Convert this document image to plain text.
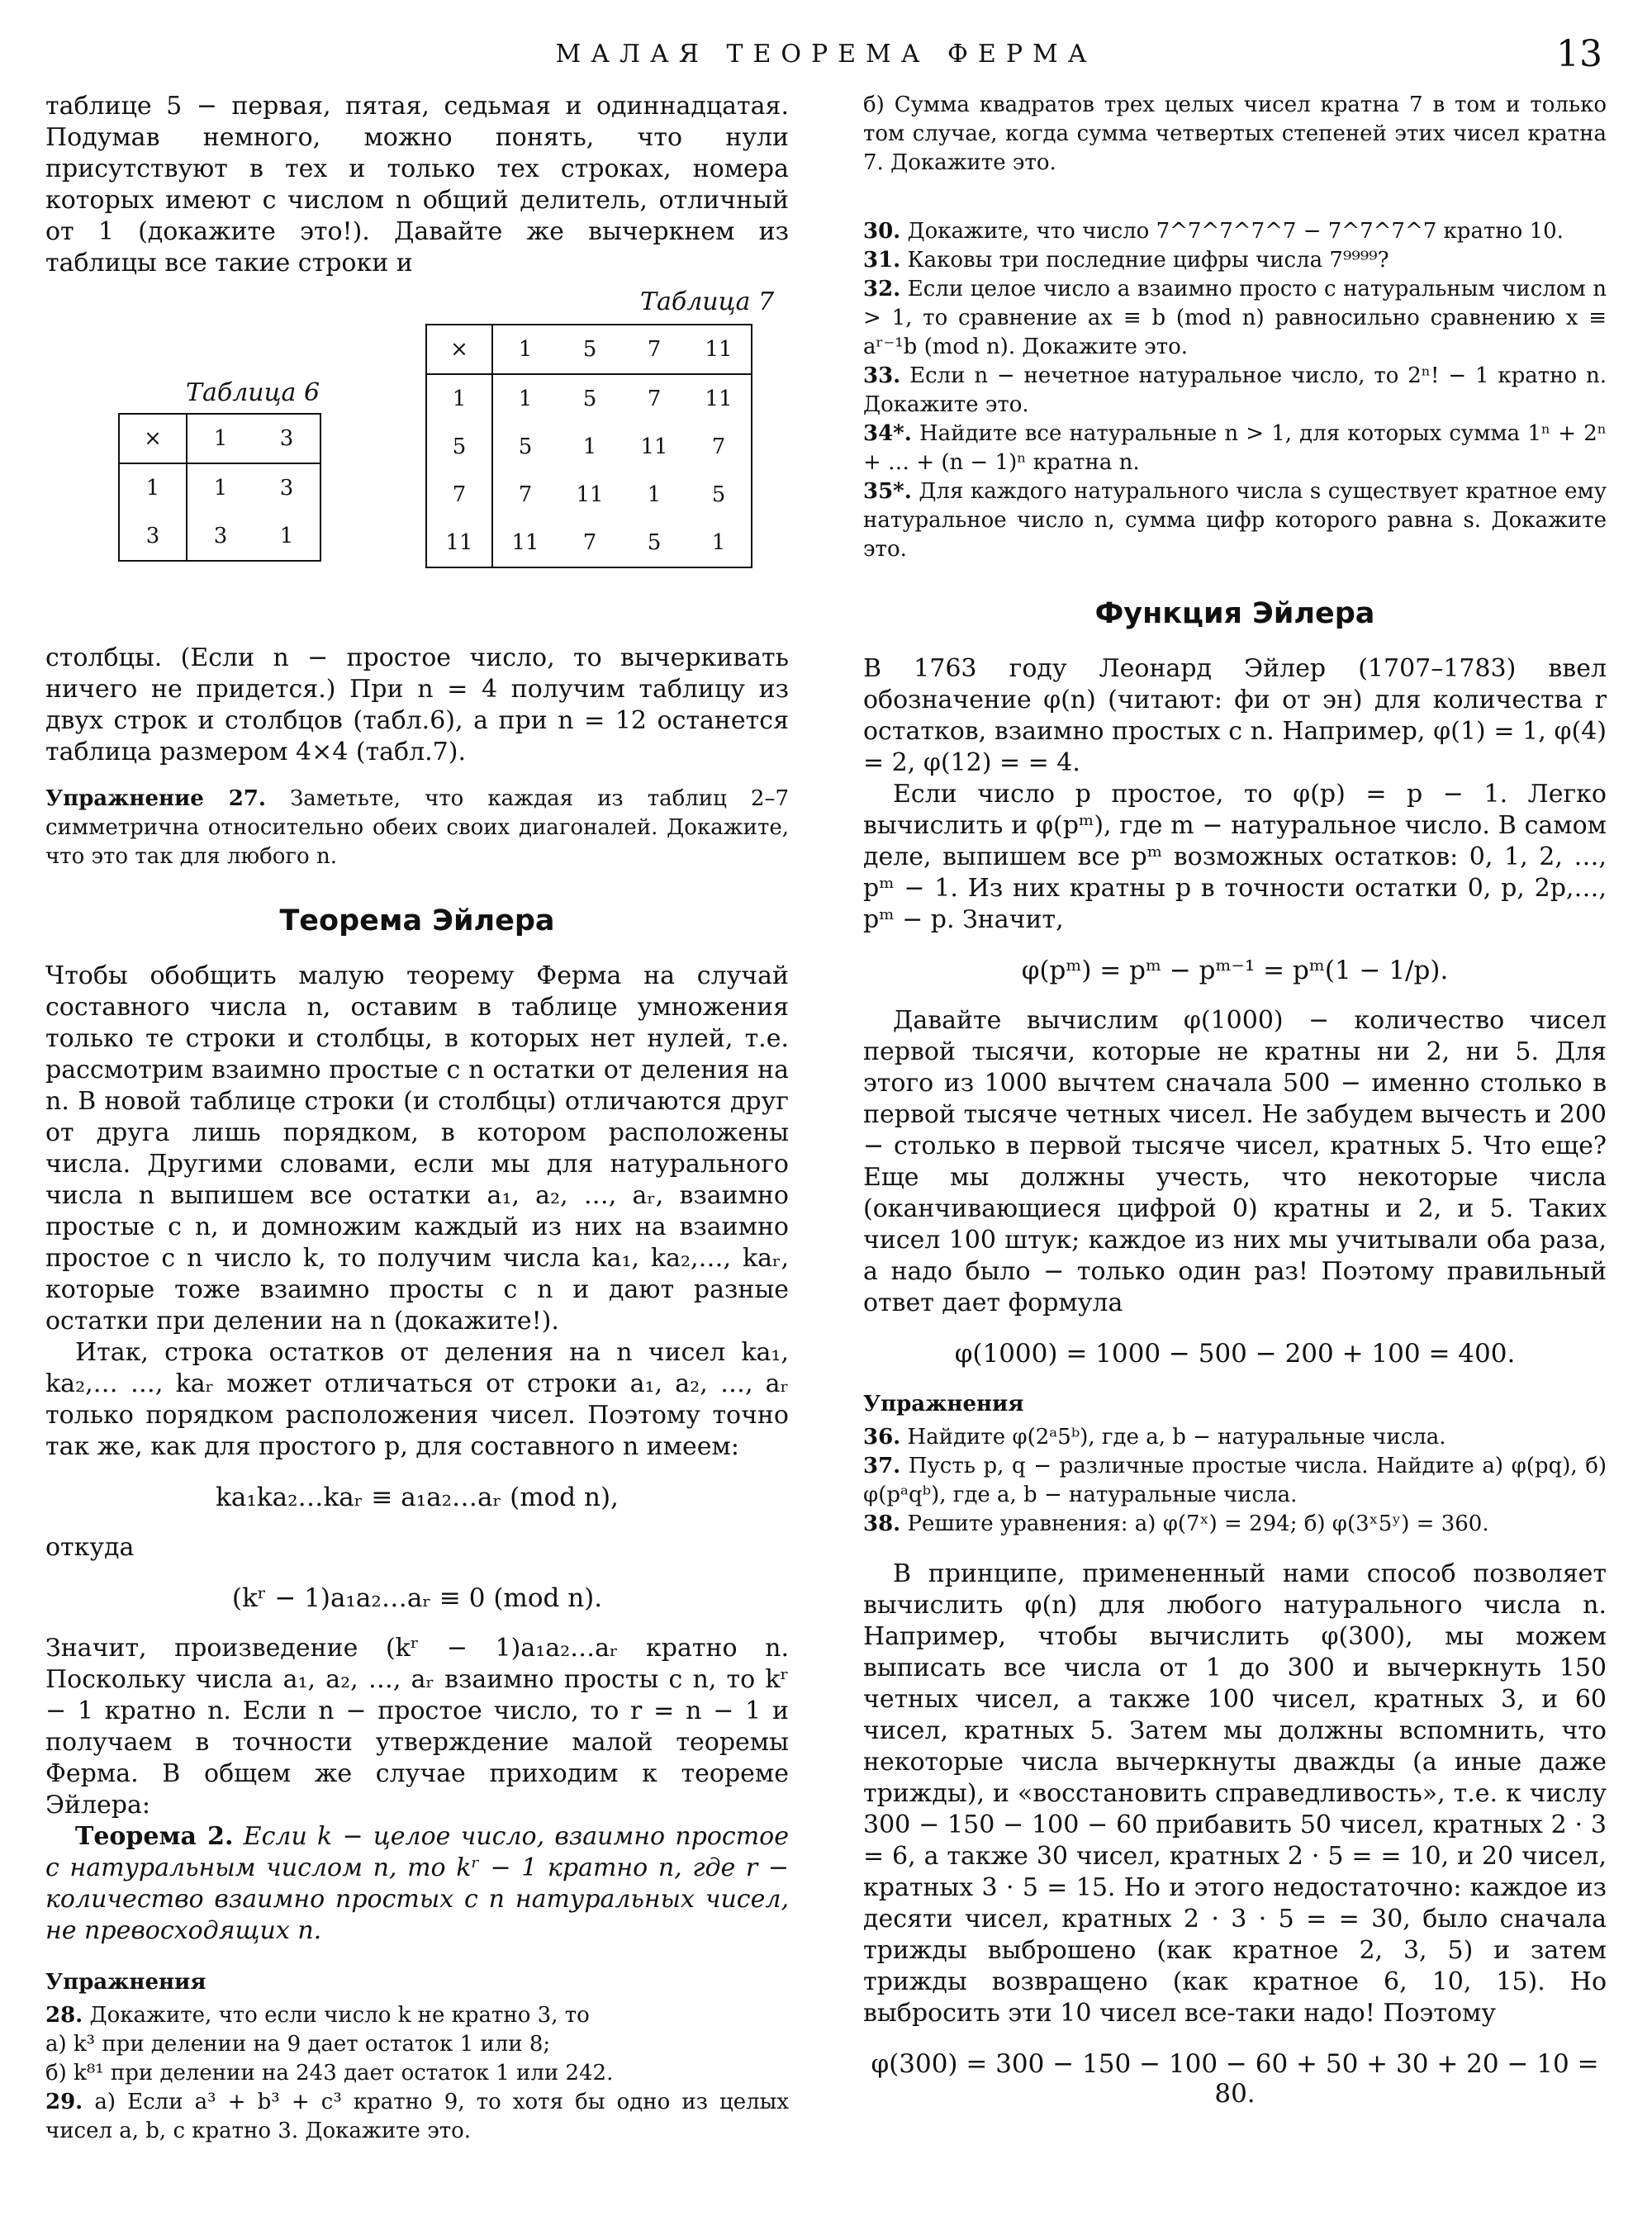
МАЛАЯ ТЕОРЕМА ФЕРМА	13

таблице 5 − первая, пятая, седьмая и одиннадцатая. Подумав немного, можно понять, что нули присутствуют в тех и только тех строках, номера которых имеют с числом n общий делитель, отличный от 1 (докажите это!). Давайте же вычеркнем из таблицы все такие строки и

Таблица 6
×	1	3
1	1	3
3	3	1
Таблица 7
×	1	5	7	11
1	1	5	7	11
5	5	1	11	7
7	7	11	1	5
11	11	7	5	1

столбцы. (Если n − простое число, то вычеркивать ничего не придется.) При n = 4 получим таблицу из двух строк и столбцов (табл.6), а при n = 12 останется таблица размером 4×4 (табл.7).

Упражнение 27. Заметьте, что каждая из таблиц 2–7 симметрична относительно обеих своих диагоналей. Докажите, что это так для любого n.

Теорема Эйлера

Чтобы обобщить малую теорему Ферма на случай составного числа n, оставим в таблице умножения только те строки и столбцы, в которых нет нулей, т.е. рассмотрим взаимно простые с n остатки от деления на n. В новой таблице строки (и столбцы) отличаются друг от друга лишь порядком, в котором расположены числа. Другими словами, если мы для натурального числа n выпишем все остатки a₁, a₂, …, aᵣ, взаимно простые с n, и домножим каждый из них на взаимно простое с n число k, то получим числа ka₁, ka₂,…, kaᵣ, которые тоже взаимно просты с n и дают разные остатки при делении на n (докажите!).

Итак, строка остатков от деления на n чисел ka₁, ka₂,… …, kaᵣ может отличаться от строки a₁, a₂, …, aᵣ только порядком расположения чисел. Поэтому точно так же, как для простого p, для составного n имеем:

ka₁ka₂…kaᵣ ≡ a₁a₂…aᵣ (mod n),

откуда

(kʳ − 1)a₁a₂…aᵣ ≡ 0 (mod n).

Значит, произведение (kʳ − 1)a₁a₂…aᵣ кратно n. Поскольку числа a₁, a₂, …, aᵣ взаимно просты с n, то kʳ − 1 кратно n. Если n − простое число, то r = n − 1 и получаем в точности утверждение малой теоремы Ферма. В общем же случае приходим к теореме Эйлера:

Теорема 2. Если k − целое число, взаимно простое с натуральным числом n, то kʳ − 1 кратно n, где r − количество взаимно простых с n натуральных чисел, не превосходящих n.

Упражнения

28. Докажите, что если число k не кратно 3, то

а) k³ при делении на 9 дает остаток 1 или 8;

б) k⁸¹ при делении на 243 дает остаток 1 или 242.

29. а) Если a³ + b³ + c³ кратно 9, то хотя бы одно из целых чисел a, b, c кратно 3. Докажите это.

б) Сумма квадратов трех целых чисел кратна 7 в том и только том случае, когда сумма четвертых степеней этих чисел кратна 7. Докажите это.

30. Докажите, что число 7^7^7^7^7 − 7^7^7^7 кратно 10.

31. Каковы три последние цифры числа 7⁹⁹⁹⁹?

32. Если целое число a взаимно просто с натуральным числом n > 1, то сравнение ax ≡ b (mod n) равносильно сравнению x ≡ aʳ⁻¹b (mod n). Докажите это.

33. Если n − нечетное натуральное число, то 2ⁿ! − 1 кратно n. Докажите это.

34*. Найдите все натуральные n > 1, для которых сумма 1ⁿ + 2ⁿ + … + (n − 1)ⁿ кратна n.

35*. Для каждого натурального числа s существует кратное ему натуральное число n, сумма цифр которого равна s. Докажите это.

Функция Эйлера

В 1763 году Леонард Эйлер (1707–1783) ввел обозначение φ(n) (читают: фи от эн) для количества r остатков, взаимно простых с n. Например, φ(1) = 1, φ(4) = 2, φ(12) = = 4.

Если число p простое, то φ(p) = p − 1. Легко вычислить и φ(pᵐ), где m − натуральное число. В самом деле, выпишем все pᵐ возможных остатков: 0, 1, 2, …, pᵐ − 1. Из них кратны p в точности остатки 0, p, 2p,…, pᵐ − p. Значит,

φ(pᵐ) = pᵐ − pᵐ⁻¹ = pᵐ(1 − 1/p).

Давайте вычислим φ(1000) − количество чисел первой тысячи, которые не кратны ни 2, ни 5. Для этого из 1000 вычтем сначала 500 − именно столько в первой тысяче четных чисел. Не забудем вычесть и 200 − столько в первой тысяче чисел, кратных 5. Что еще? Еще мы должны учесть, что некоторые числа (оканчивающиеся цифрой 0) кратны и 2, и 5. Таких чисел 100 штук; каждое из них мы учитывали оба раза, а надо было − только один раз! Поэтому правильный ответ дает формула

φ(1000) = 1000 − 500 − 200 + 100 = 400.
Упражнения

36. Найдите φ(2ᵃ5ᵇ), где a, b − натуральные числа.

37. Пусть p, q − различные простые числа. Найдите а) φ(pq), б) φ(pᵃqᵇ), где a, b − натуральные числа.

38. Решите уравнения: а) φ(7ˣ) = 294; б) φ(3ˣ5ʸ) = 360.

В принципе, примененный нами способ позволяет вычислить φ(n) для любого натурального числа n. Например, чтобы вычислить φ(300), мы можем выписать все числа от 1 до 300 и вычеркнуть 150 четных чисел, а также 100 чисел, кратных 3, и 60 чисел, кратных 5. Затем мы должны вспомнить, что некоторые числа вычеркнуты дважды (а иные даже трижды), и «восстановить справедливость», т.е. к числу 300 − 150 − 100 − 60 прибавить 50 чисел, кратных 2 · 3 = 6, а также 30 чисел, кратных 2 · 5 = = 10, и 20 чисел, кратных 3 · 5 = 15. Но и этого недостаточно: каждое из десяти чисел, кратных 2 · 3 · 5 = = 30, было сначала трижды выброшено (как кратное 2, 3, 5) и затем трижды возвращено (как кратное 6, 10, 15). Но выбросить эти 10 чисел все-таки надо! Поэтому

φ(300) = 300 − 150 − 100 − 60 + 50 + 30 + 20 − 10 = 80.
